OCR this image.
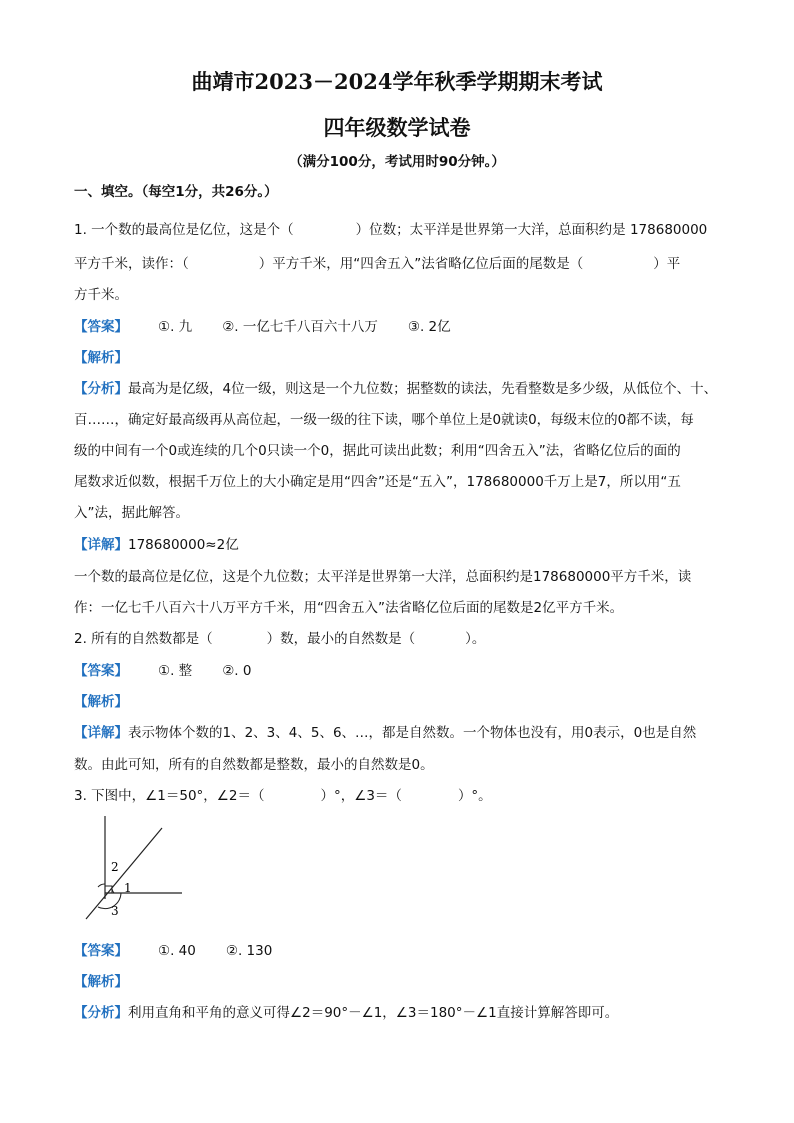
曲靖市2023－2024学年秋季学期期末考试
四年级数学试卷
（满分100分，考试用时90分钟。）
一、填空。（每空1分，共26分。）
1. 一个数的最高位是亿位，这是个（	）位数；太平洋是世界第一大洋，总面积约是 178680000
平方千米，读作：（	）平方千米，用“四舍五入”法省略亿位后面的尾数是（	）平
方千米。
【答案】 ①. 九 ②. 一亿七千八百六十八万 ③. 2亿
【解析】
【分析】最高为是亿级，4位一级，则这是一个九位数；据整数的读法，先看整数是多少级，从低位个、十、
百……，确定好最高级再从高位起，一级一级的往下读，哪个单位上是0就读0，每级末位的0都不读，每
级的中间有一个0或连续的几个0只读一个0，据此可读出此数；利用“四舍五入”法，省略亿位后的面的
尾数求近似数，根据千万位上的大小确定是用“四舍”还是“五入”，178680000千万上是7，所以用“五
入”法，据此解答。
【详解】178680000≈2亿
一个数的最高位是亿位，这是个九位数；太平洋是世界第一大洋，总面积约是178680000平方千米，读
作：一亿七千八百六十八万平方千米，用“四舍五入”法省略亿位后面的尾数是2亿平方千米。
2. 所有的自然数都是（	）数，最小的自然数是（	）。
【答案】 ①. 整 ②. 0
【解析】
【详解】表示物体个数的1、2、3、4、5、6、…，都是自然数。一个物体也没有，用0表示，0也是自然
数。由此可知，所有的自然数都是整数，最小的自然数是0。
3. 下图中，∠1＝50°，∠2＝（	）°，∠3＝（	）°。
1
2
3
【答案】 ①. 40 ②. 130
【解析】
【分析】利用直角和平角的意义可得∠2＝90°－∠1，∠3＝180°－∠1直接计算解答即可。
